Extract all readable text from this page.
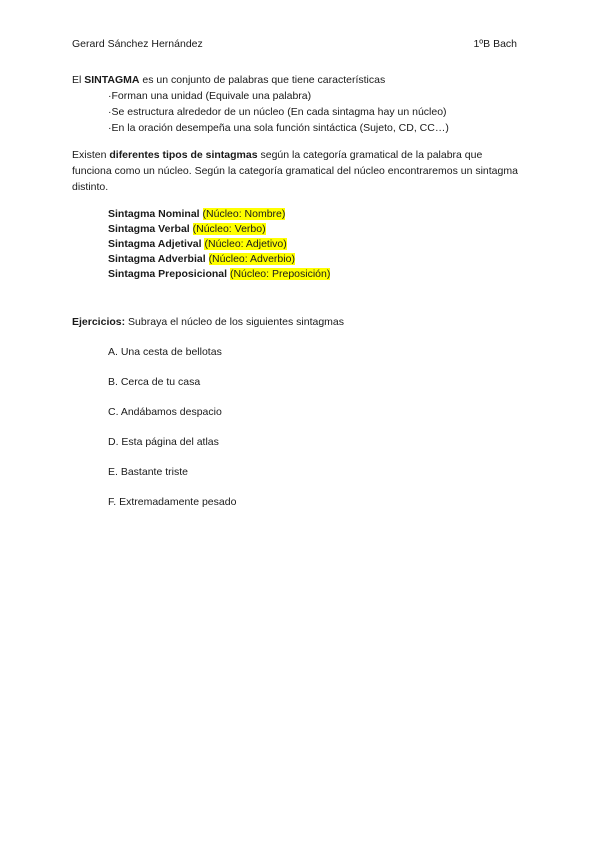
Gerard Sánchez Hernández	1ºB Bach
El SINTAGMA es un conjunto de palabras que tiene características
·Forman una unidad (Equivale una palabra)
·Se estructura alrededor de un núcleo (En cada sintagma hay un núcleo)
·En la oración desempeña una sola función sintáctica (Sujeto, CD, CC…)
Existen diferentes tipos de sintagmas según la categoría gramatical de la palabra que funciona como un núcleo. Según la categoría gramatical del núcleo encontraremos un sintagma distinto.
Sintagma Nominal (Núcleo: Nombre)
Sintagma Verbal (Núcleo: Verbo)
Sintagma Adjetival (Núcleo: Adjetivo)
Sintagma Adverbial (Núcleo: Adverbio)
Sintagma Preposicional (Núcleo: Preposición)
Ejercicios: Subraya el núcleo de los siguientes sintagmas
A. Una cesta de bellotas
B. Cerca de tu casa
C. Andábamos despacio
D. Esta página del atlas
E. Bastante triste
F. Extremadamente pesado
